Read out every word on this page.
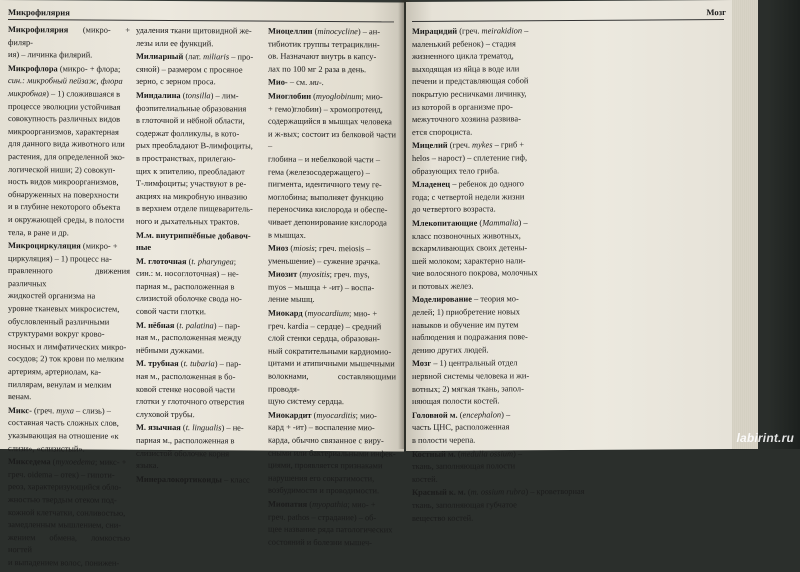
Микрофилярия

Микрофилярия (микро- + филяр-
ия) – личинка филярий.

Микрофлора (микро- + флора;
син.: микробный пейзаж, флора
микробная) – 1) сложившаяся в
процессе эволюции устойчивая
совокупность различных видов
микроорганизмов, характерная
для данного вида животного или
растения, для определенной эко-
логической ниши; 2) совокуп-
ность видов микроорганизмов,
обнаруженных на поверхности
и в глубине некоторого объекта
и окружающей среды, в полости
тела, в ране и др.

Микроциркуляция (микро- +
циркуляция) – 1) процесс на-
правленного движения различных
жидкостей организма на
уровне тканевых микросистем,
обусловленный различными
структурами вокруг крово-
носных и лимфатических микро-
сосудов; 2) ток крови по мелким
артериям, артериолам, ка-
пиллярам, венулам и мелким
венам.

Микс- (греч. myxa – слизь) –
составная часть сложных слов,
указывающая на отношение «к
слизи», «слизистый».

Микседема (myxoedema; микс- +
греч. oidema – отек) – гипоти-
реоз, характеризующийся обло-
жностью твердым отеком под-
кожной клетчатки, сонливостью,
замедленным мышлением, сни-
жением обмена, ломкостью ногтей
и выпадением волос, понижен-

удаления ткани щитовидной же-
лезы или ее функций.

Милиарный (лат. miliaris – про-
сяной) – размером с просяное
зерно, с зерном проса.

Миндалина (tonsilla) – лим-
фоэпителиальные образования
в глоточной и нёбной области,
содержат фолликулы, в кото-
рых преобладают В-лимфоциты,
в пространствах, прилегаю-
щих к эпителию, преобладают
Т-лимфоциты; участвуют в ре-
акциях на микробную инвазию
в верхнем отделе пищеваритель-
ного и дыхательных трактов.

М.м. внутрипнёбные добавоч-
ные

М. глоточная (t. pharyngea;
син.: м. носоглоточная) – не-
парная м., расположенная в
слизистой оболочке свода но-
совой части глотки.

М. нёбная (t. palatina) – пар-
ная м., расположенная между
нёбными дужками.

М. трубная (t. tubaria) – пар-
ная м., расположенная в бо-
ковой стенке носовой части
глотки у глоточного отверстия
слуховой трубы.

М. язычная (t. lingualis) – не-
парная м., расположенная в
слизистой оболочке корня
языка.

Минералокортикоиды – класс

Миоцеллин (minocycline) – ан-
тибиотик группы тетрациклин-
ов. Назначают внутрь в капсу-
лах по 100 мг 2 раза в день.

Мио- – см. ми-.

Миоглобин (myoglobinum; мио-
+ гемо)глобин) – хромопротеид,
содержащийся в мышцах человека
и ж-вых; состоит из белковой части –
глобина – и небелковой части –
гема (железосодержащего) –
пигмента, идентичного тему ге-
моглобина; выполняет функцию
переносчика кислорода и обеспе-
чивает депонирование кислорода
в мышцах.

Миоз (miosis; греч. meiosis –
уменьшение) – сужение зрачка.

Миозит (myositis; греч. mys,
myos – мышца + -ит) – воспа-
ление мышц.

Миокард (myocardium; мио- +
греч. kardia – сердце) – средний
слой стенки сердца, образован-
ный сократительными кардиомио-
цитами и атипичными мышечными
волокнами, составляющими проводя-
щую систему сердца.

Миокардит (myocarditis; мио-
кард + -ит) – воспаление мио-
карда, обычно связанное с виру-
сными или бактериальными инфек-
циями, проявляется признаками
нарушения его сократимости,
возбудимости и проводимости.

Миопатия (myopathia; мио- +
греч. pathos – страдание) – об-
щее название ряда патологических
состояний и болезни мышеч-

Мозг

Мирацидий (греч. meirakidion –
маленький ребенок) – стадия
жизненного цикла трематод,
выходящая из яйца в воде или
печени и представляющая собой
покрытую ресничками личинку,
из которой в организме про-
межуточного хозяина развива-
ется спороциста.

Мицелий (греч. mykes – гриб +
helos – нарост) – сплетение гиф,
образующих тело гриба.

Младенец – ребенок до одного
года; с четвертой недели жизни
до четвертого возраста.

Млекопитающие (Mammalia) –
класс позвоночных животных,
вскармливающих своих детены-
шей молоком; характерно нали-
чие волосяного покрова, молочных
и потовых желез.

Моделирование – теория мо-
делей; 1) приобретение новых
навыков и обучение им путем
наблюдения и подражания пове-
дению других людей.

Мозг – 1) центральный отдел
нервной системы человека и жи-
вотных; 2) мягкая ткань, запол-
няющая полости костей.

Головной м. (encephalon) –
часть ЦНС, расположенная
в полости черепа.

Костный м. (medulla ossium) –
ткань, заполняющая полости
костей.

Красный к. м. (m. ossium rubra) – кроветворная
ткань, заполняющая губчатое
вещество костей.

labirint.ru
